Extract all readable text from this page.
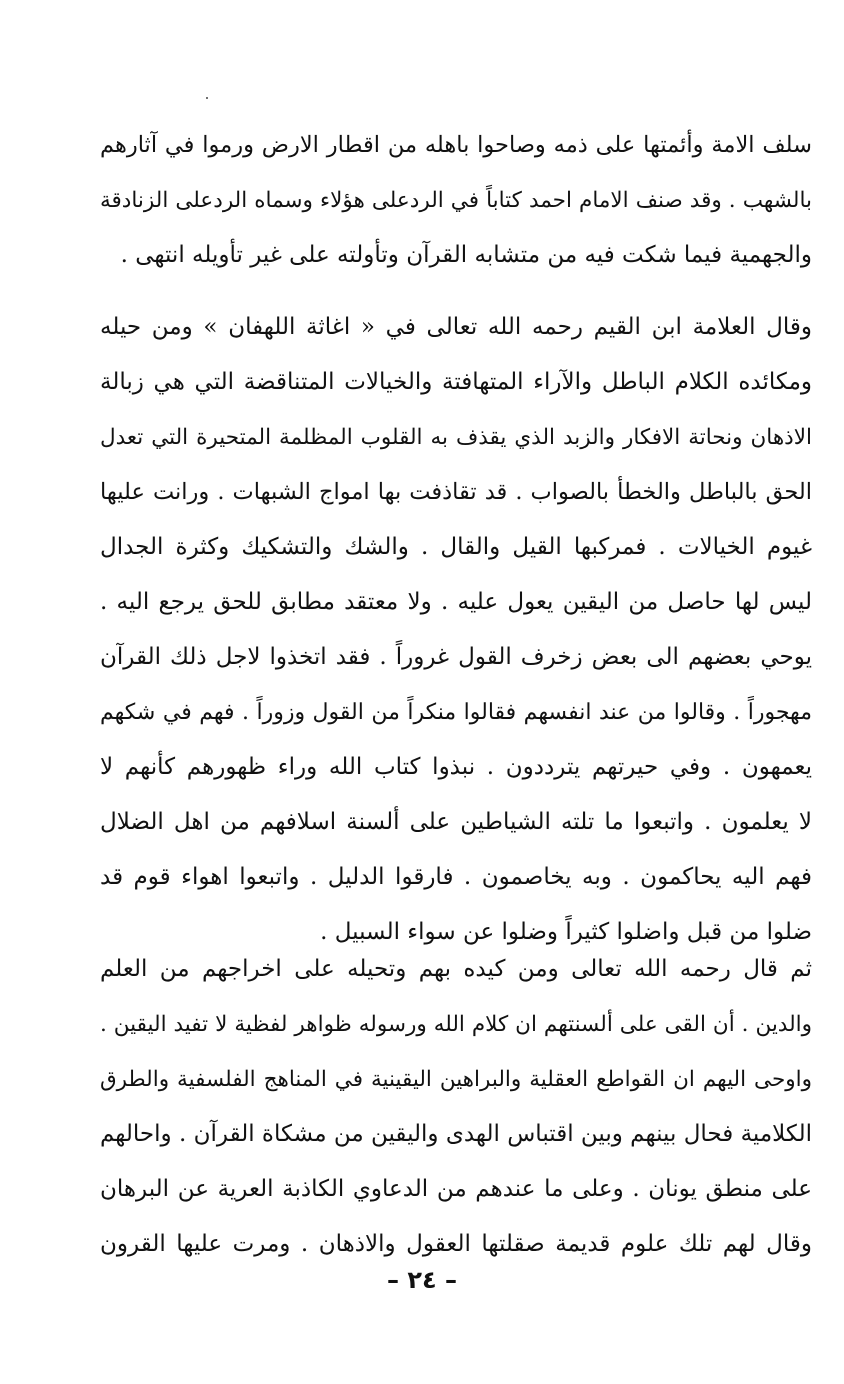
سلف الامة وأئمتها على ذمه وصاحوا باهله من اقطار الارض ورموا في آثارهم
بالشهب . وقد صنف الامام احمد كتاباً في الردعلى هؤلاء وسماه الردعلى الزنادقة
والجهمية فيما شكت فيه من متشابه القرآن وتأولته على غير تأويله انتهى .
وقال العلامة ابن القيم رحمه الله تعالى في « اغاثة اللهفان » ومن حيله
ومكائده الكلام الباطل والآراء المتهافتة والخيالات المتناقضة التي هي زبالة
الاذهان ونحاتة الافكار والزبد الذي يقذف به القلوب المظلمة المتحيرة التي تعدل
الحق بالباطل والخطأ بالصواب . قد تقاذفت بها امواج الشبهات . ورانت عليها
غيوم الخيالات . فمركبها القيل والقال . والشك والتشكيك وكثرة الجدال
ليس لها حاصل من اليقين يعول عليه . ولا معتقد مطابق للحق يرجع اليه .
يوحي بعضهم الى بعض زخرف القول غروراً . فقد اتخذوا لاجل ذلك القرآن
مهجوراً . وقالوا من عند انفسهم فقالوا منكراً من القول وزوراً . فهم في شكهم
يعمهون . وفي حيرتهم يترددون . نبذوا كتاب الله وراء ظهورهم كأنهم لا
لا يعلمون . واتبعوا ما تلته الشياطين على ألسنة اسلافهم من اهل الضلال
فهم اليه يحاكمون . وبه يخاصمون . فارقوا الدليل . واتبعوا اهواء قوم قد
ضلوا من قبل واضلوا كثيراً وضلوا عن سواء السبيل .
ثم قال رحمه الله تعالى ومن كيده بهم وتحيله على اخراجهم من العلم
والدين . أن القى على ألسنتهم ان كلام الله ورسوله ظواهر لفظية لا تفيد اليقين .
واوحى اليهم ان القواطع العقلية والبراهين اليقينية في المناهج الفلسفية والطرق
الكلامية فحال بينهم وبين اقتباس الهدى واليقين من مشكاة القرآن . واحالهم
على منطق يونان . وعلى ما عندهم من الدعاوي الكاذبة العرية عن البرهان
وقال لهم تلك علوم قديمة صقلتها العقول والاذهان . ومرت عليها القرون
– ٢٤ –
